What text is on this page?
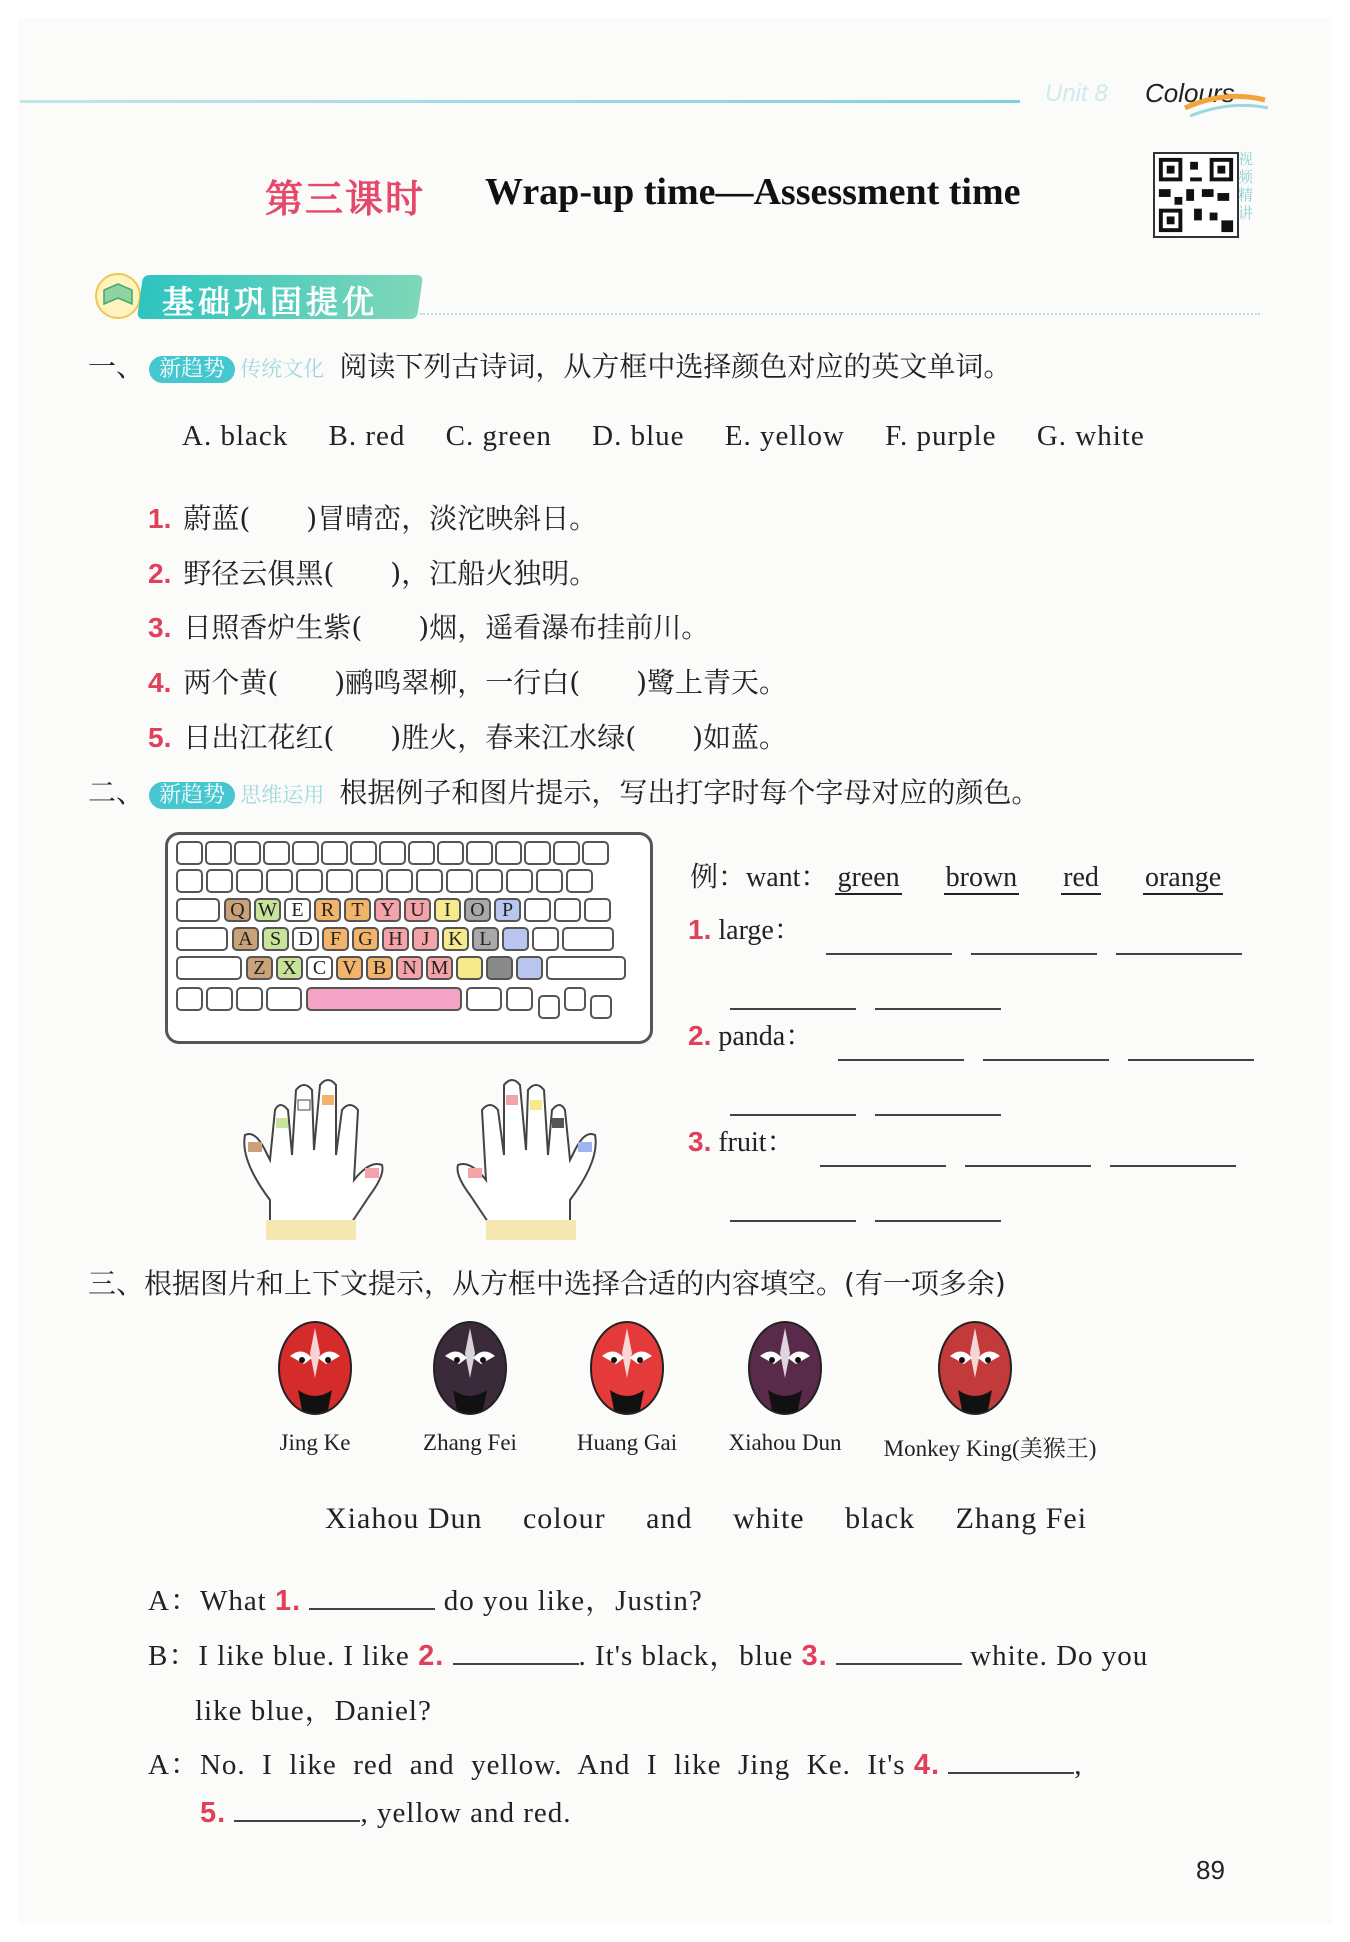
Unit 8 Colours
第三课时 Wrap-up time—Assessment time
视频精讲
基础巩固提优
一、 新趋势 传统文化 阅读下列古诗词，从方框中选择颜色对应的英文单词。
A. black B. red C. green D. blue E. yellow F. purple G. white
1. 蔚蓝(　　)冒晴峦，淡沱映斜日。
2. 野径云俱黑(　　)，江船火独明。
3. 日照香炉生紫(　　)烟，遥看瀑布挂前川。
4. 两个黄(　　)鹂鸣翠柳，一行白(　　)鹭上青天。
5. 日出江花红(　　)胜火，春来江水绿(　　)如蓝。
二、 新趋势 思维运用 根据例子和图片提示，写出打字时每个字母对应的颜色。
Q W E R T Y U I O P
A S D F G H J K L
Z X C V B N M
例：want： green brown red orange
1. large：

2. panda：

3. fruit：

三、根据图片和上下文提示，从方框中选择合适的内容填空。(有一项多余)
Jing Ke	Zhang Fei	Huang Gai	Xiahou Dun	Monkey King(美猴王)
Xiahou Dun colour and white black Zhang Fei
A：What 1.	do you like，Justin?
B：I like blue. I like 2.	. It's black，blue 3.	white. Do you
like blue，Daniel?
A：No.  I  like  red  and  yellow.  And  I  like  Jing  Ke.  It's 4.	,
5.	, yellow and red.
89
